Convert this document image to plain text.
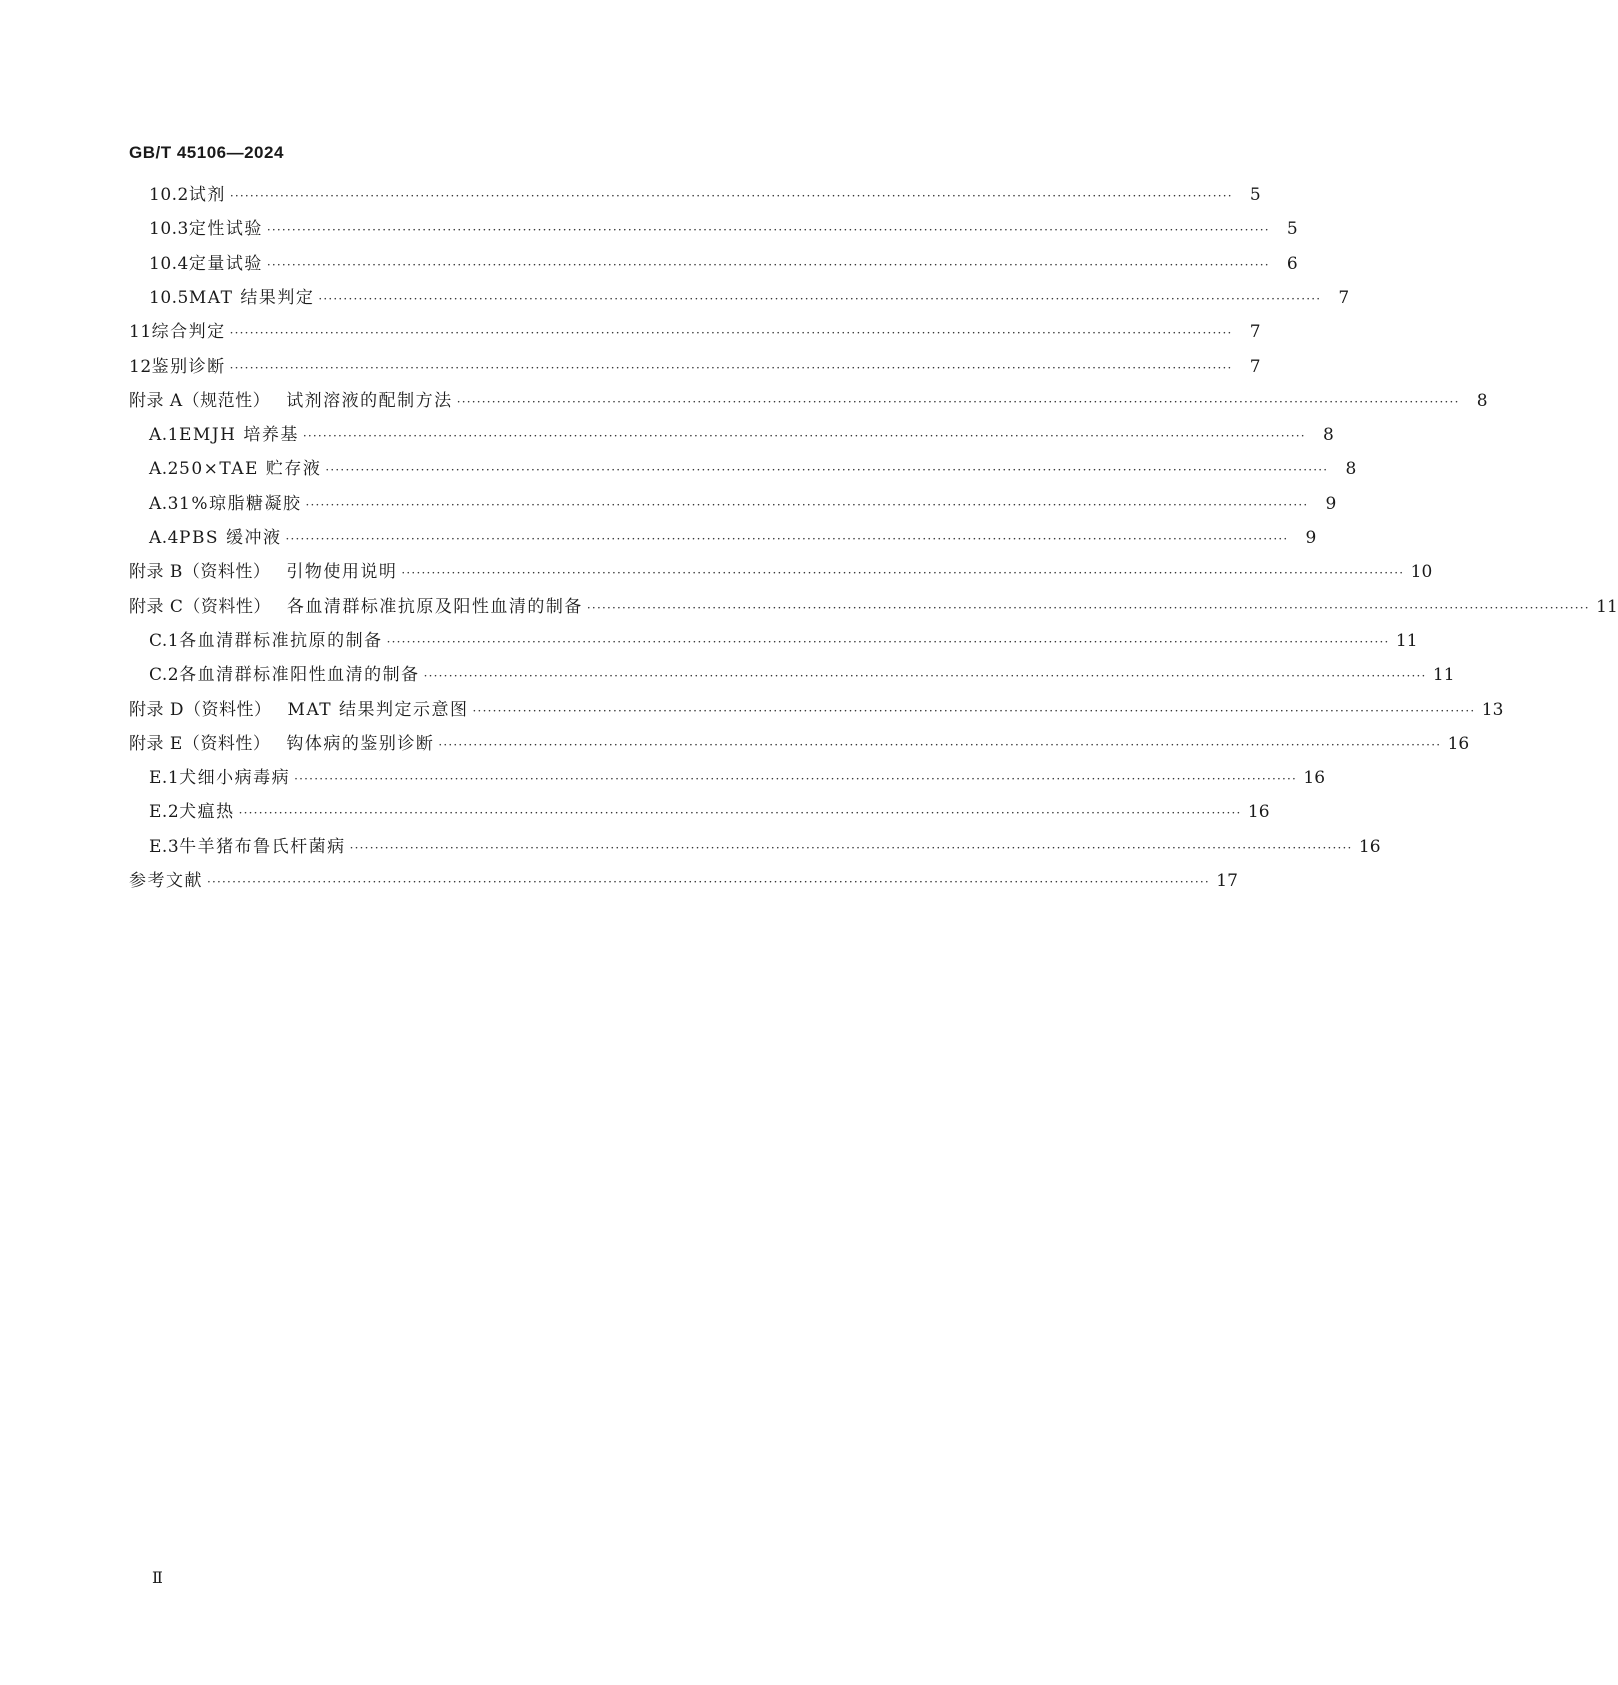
GB/T 45106—2024
10.2 试剂 ········································································································································································································	5
10.3 定性试验 ········································································································································································································	5
10.4 定量试验 ········································································································································································································	6
10.5 MAT 结果判定 ········································································································································································································	7
11 综合判定 ········································································································································································································	7
12 鉴别诊断 ········································································································································································································	7
附录 A（规范性） 试剂溶液的配制方法 ········································································································································································································	8
A.1 EMJH 培养基 ········································································································································································································	8
A.2 50×TAE 贮存液 ········································································································································································································	8
A.3 1%琼脂糖凝胶 ········································································································································································································	9
A.4 PBS 缓冲液 ········································································································································································································	9
附录 B（资料性） 引物使用说明 ········································································································································································································ 10
附录 C（资料性） 各血清群标准抗原及阳性血清的制备 ········································································································································································································ 11
C.1 各血清群标准抗原的制备 ········································································································································································································ 11
C.2 各血清群标准阳性血清的制备 ········································································································································································································ 11
附录 D（资料性） MAT 结果判定示意图 ········································································································································································································ 13
附录 E（资料性） 钩体病的鉴别诊断 ········································································································································································································ 16
E.1 犬细小病毒病 ········································································································································································································ 16
E.2 犬瘟热 ········································································································································································································ 16
E.3 牛羊猪布鲁氏杆菌病 ········································································································································································································ 16
参考文献 ········································································································································································································ 17
Ⅱ
